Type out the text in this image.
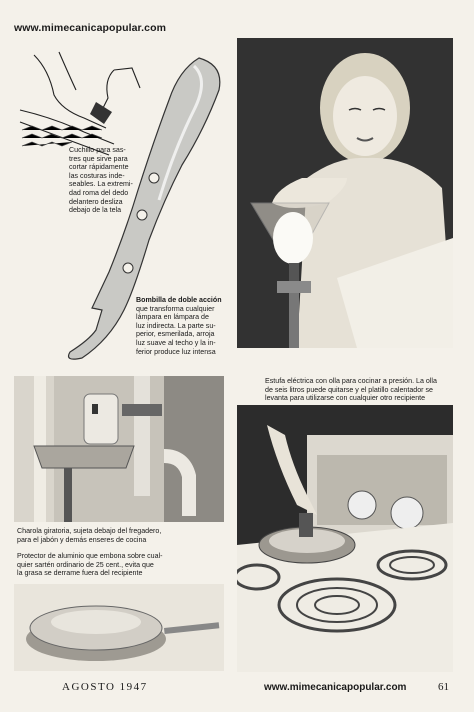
www.mimecanicapopular.com
Cuchillo para sas-
tres que sirve para
cortar rápidamente
las costuras inde-
seables. La extremi-
dad roma del dedo
delantero desliza
debajo de la tela
Bombilla de doble acción
que transforma cualquier
lámpara en lámpara de
luz indirecta. La parte su-
perior, esmerilada, arroja
luz suave al techo y la in-
ferior produce luz intensa
Charola giratoria, sujeta debajo del fregadero,
para el jabón y demás enseres de cocina
Protector de aluminio que embona sobre cual-
quier sartén ordinario de 25 cent., evita que
la grasa se derrame fuera del recipiente
Estufa eléctrica con olla para cocinar a presión. La olla
de seis litros puede quitarse y el platillo calentador se
levanta para utilizarse con cualquier otro recipiente
AGOSTO 1947	www.mimecanicapopular.com	61
